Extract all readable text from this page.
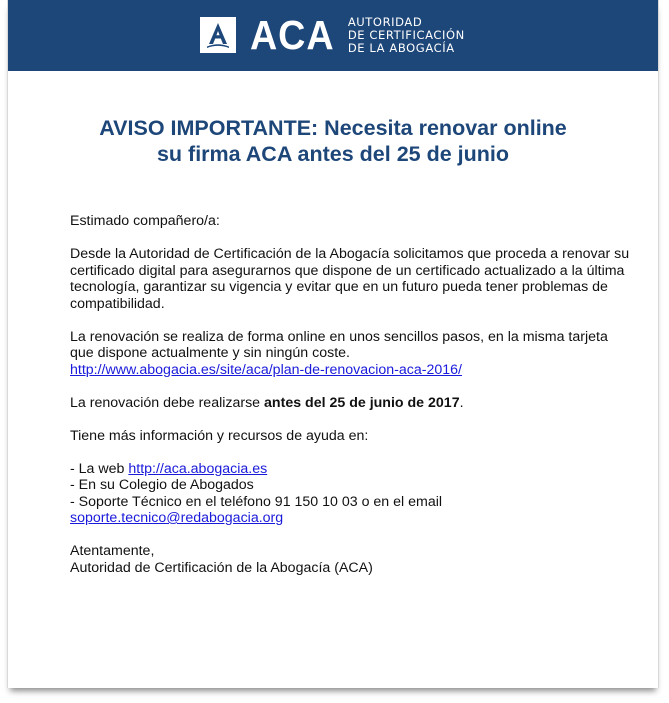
ACA AUTORIDAD
DE CERTIFICACIÓN
DE LA ABOGACÍA
AVISO IMPORTANTE: Necesita renovar online
su firma ACA antes del 25 de junio

Estimado compañero/a:

Desde la Autoridad de Certificación de la Abogacía solicitamos que proceda a renovar su certificado digital para asegurarnos que dispone de un certificado actualizado a la última tecnología, garantizar su vigencia y evitar que en un futuro pueda tener problemas de compatibilidad.

La renovación se realiza de forma online en unos sencillos pasos, en la misma tarjeta que dispone actualmente y sin ningún coste.
http://www.abogacia.es/site/aca/plan-de-renovacion-aca-2016/

La renovación debe realizarse antes del 25 de junio de 2017.

Tiene más información y recursos de ayuda en:

- La web http://aca.abogacia.es
- En su Colegio de Abogados
- Soporte Técnico en el teléfono 91 150 10 03 o en el email
soporte.tecnico@redabogacia.org

Atentamente,
Autoridad de Certificación de la Abogacía (ACA)
